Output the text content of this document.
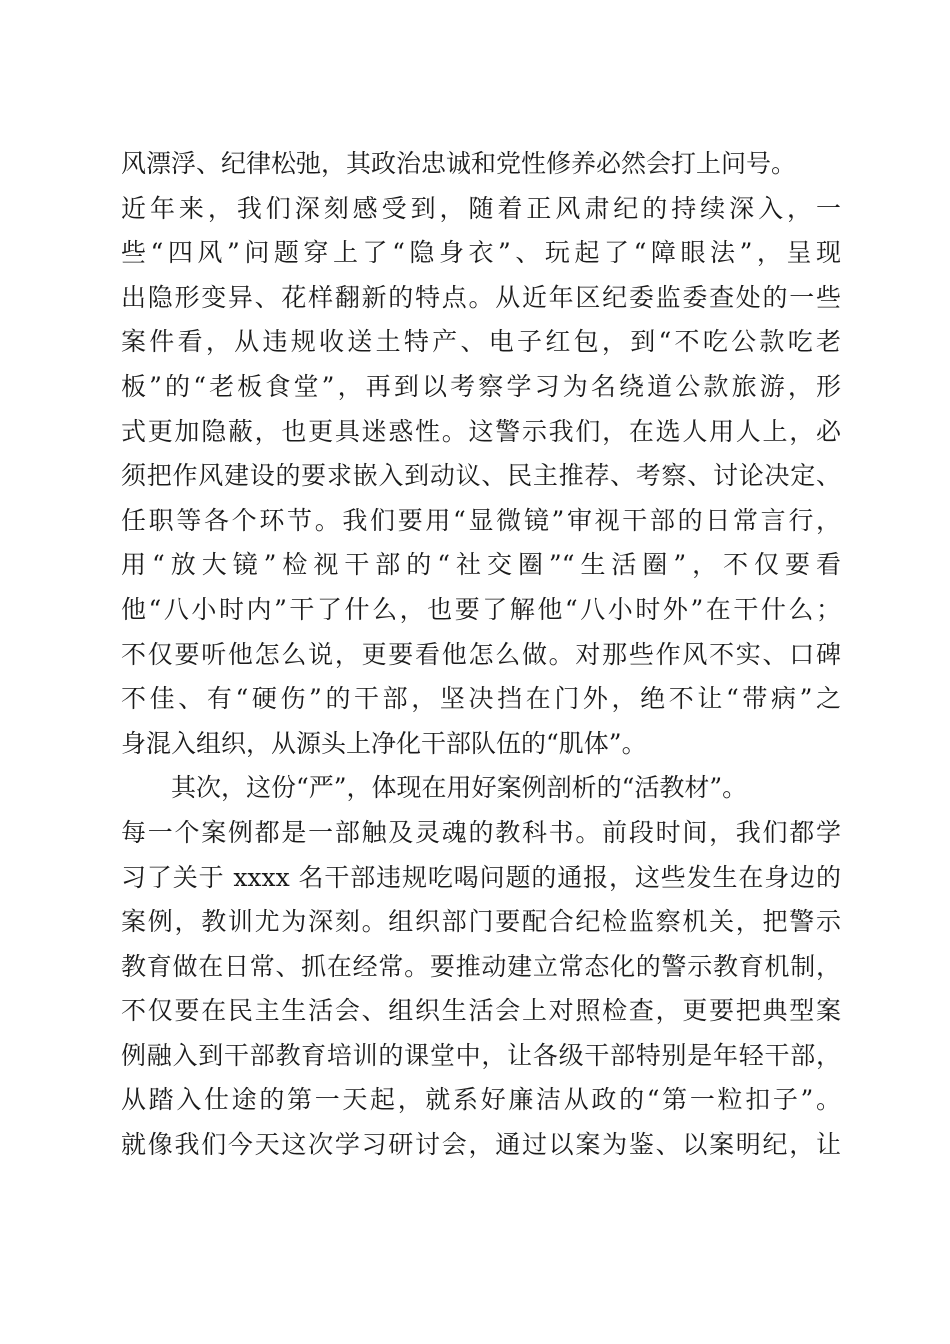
风漂浮、纪律松弛，其政治忠诚和党性修养必然会打上问号。
近年来，我们深刻感受到，随着正风肃纪的持续深入，一
些“四风”问题穿上了“隐身衣”、玩起了“障眼法”，呈现
出隐形变异、花样翻新的特点。从近年区纪委监委查处的一些
案件看，从违规收送土特产、电子红包，到“不吃公款吃老
板”的“老板食堂”，再到以考察学习为名绕道公款旅游，形
式更加隐蔽，也更具迷惑性。这警示我们，在选人用人上，必
须把作风建设的要求嵌入到动议、民主推荐、考察、讨论决定、
任职等各个环节。我们要用“显微镜”审视干部的日常言行，
用“放大镜”检视干部的“社交圈”“生活圈”，不仅要看
他“八小时内”干了什么，也要了解他“八小时外”在干什么；
不仅要听他怎么说，更要看他怎么做。对那些作风不实、口碑
不佳、有“硬伤”的干部，坚决挡在门外，绝不让“带病”之
身混入组织，从源头上净化干部队伍的“肌体”。
其次，这份“严”，体现在用好案例剖析的“活教材”。
每一个案例都是一部触及灵魂的教科书。前段时间，我们都学
习了关于 xxxx 名干部违规吃喝问题的通报，这些发生在身边的
案例，教训尤为深刻。组织部门要配合纪检监察机关，把警示
教育做在日常、抓在经常。要推动建立常态化的警示教育机制，
不仅要在民主生活会、组织生活会上对照检查，更要把典型案
例融入到干部教育培训的课堂中，让各级干部特别是年轻干部，
从踏入仕途的第一天起，就系好廉洁从政的“第一粒扣子”。
就像我们今天这次学习研讨会，通过以案为鉴、以案明纪，让
